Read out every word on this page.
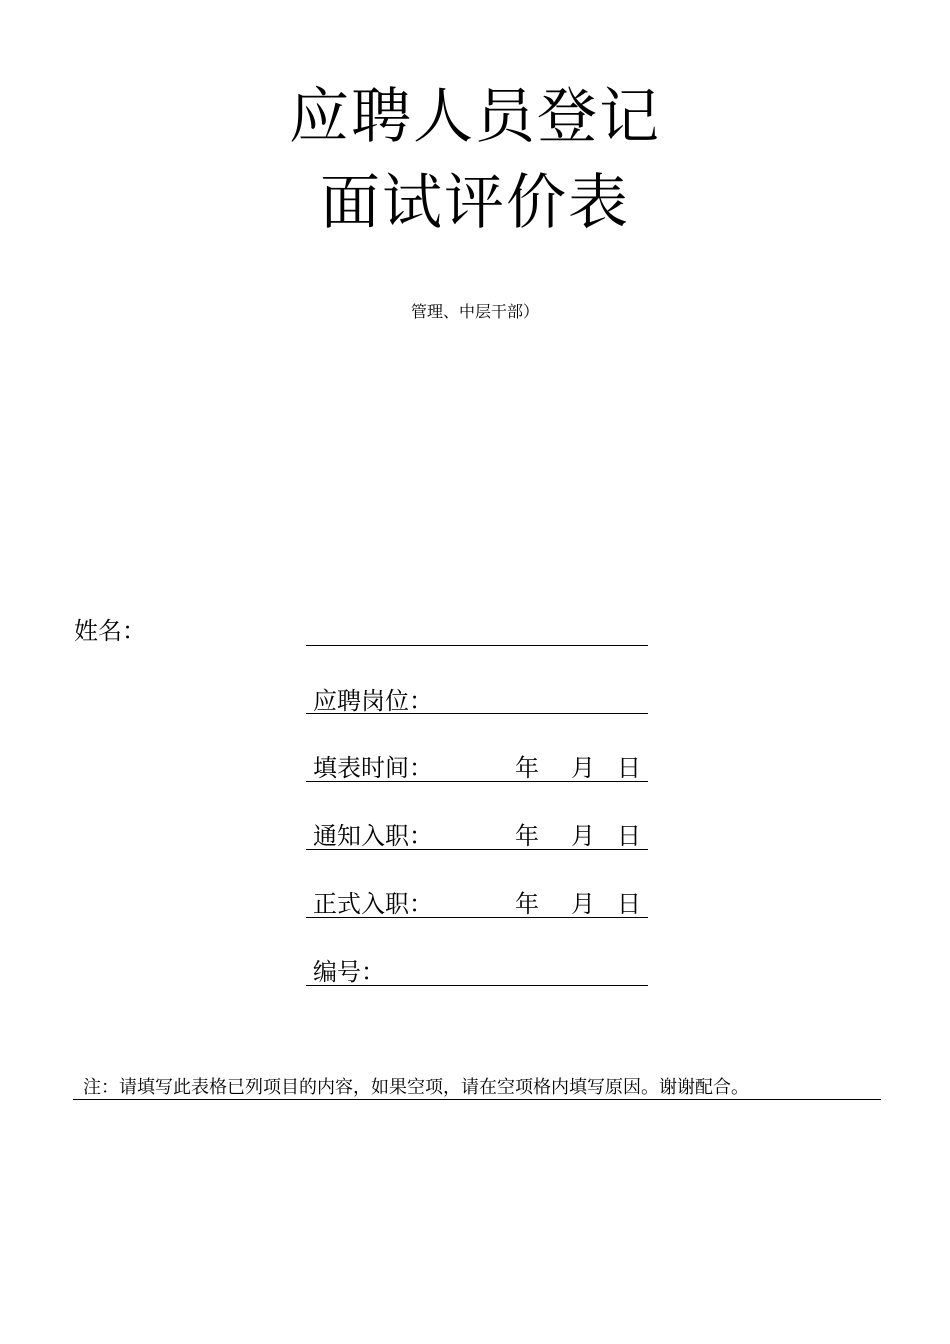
应聘人员登记
面试评价表
管理、中层干部）
姓名：
应聘岗位：
填表时间：	年 月 日
通知入职：	年 月 日
正式入职：	年 月 日
编号：
注：请填写此表格已列项目的内容，如果空项，请在空项格内填写原因。谢谢配合。
